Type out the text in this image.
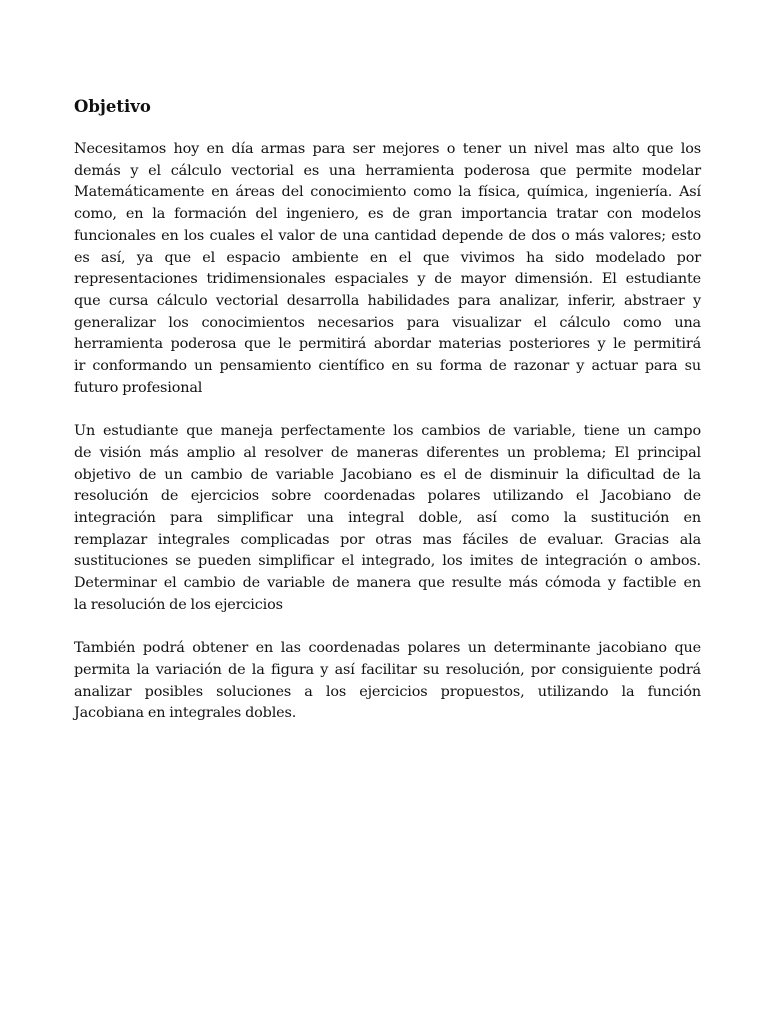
Objetivo
Necesitamos hoy en día armas para ser mejores o tener un nivel mas alto que los
demás y el cálculo vectorial es una herramienta poderosa que permite modelar
Matemáticamente en áreas del conocimiento como la física, química, ingeniería. Así
como, en la formación del ingeniero, es de gran importancia tratar con modelos
funcionales en los cuales el valor de una cantidad depende de dos o más valores; esto
es así, ya que el espacio ambiente en el que vivimos ha sido modelado por
representaciones tridimensionales espaciales y de mayor dimensión. El estudiante
que cursa cálculo vectorial desarrolla habilidades para analizar, inferir, abstraer y
generalizar los conocimientos necesarios para visualizar el cálculo como una
herramienta poderosa que le permitirá abordar materias posteriores y le permitirá
ir conformando un pensamiento científico en su forma de razonar y actuar para su
futuro profesional
Un estudiante que maneja perfectamente los cambios de variable, tiene un campo
de visión más amplio al resolver de maneras diferentes un problema; El principal
objetivo de un cambio de variable Jacobiano es el de disminuir la dificultad de la
resolución de ejercicios sobre coordenadas polares utilizando el Jacobiano de
integración para simplificar una integral doble, así como la sustitución en
remplazar integrales complicadas por otras mas fáciles de evaluar. Gracias ala
sustituciones se pueden simplificar el integrado, los imites de integración o ambos.
Determinar el cambio de variable de manera que resulte más cómoda y factible en
la resolución de los ejercicios
También podrá obtener en las coordenadas polares un determinante jacobiano que
permita la variación de la figura y así facilitar su resolución, por consiguiente podrá
analizar posibles soluciones a los ejercicios propuestos, utilizando la función
Jacobiana en integrales dobles.
